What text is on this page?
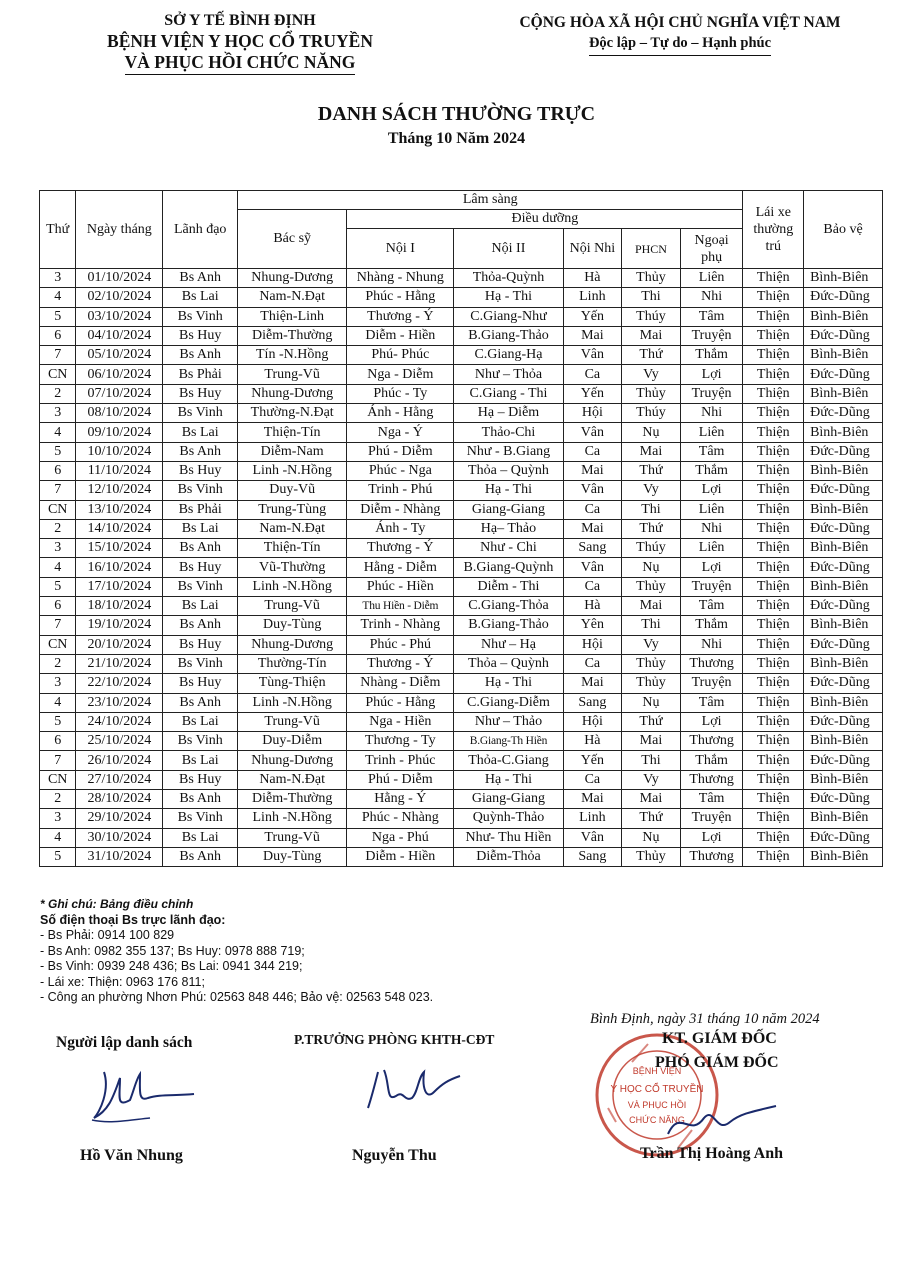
SỞ Y TẾ BÌNH ĐỊNH
BỆNH VIỆN Y HỌC CỔ TRUYỀN
VÀ PHỤC HỒI CHỨC NĂNG
CỘNG HÒA XÃ HỘI CHỦ NGHĨA VIỆT NAM
Độc lập – Tự do – Hạnh phúc
DANH SÁCH THƯỜNG TRỰC
Tháng 10 Năm 2024
Thứ	Ngày tháng	Lãnh đạo	Lâm sàng						Lái xe thường trú	Bảo vệ
			Bác sỹ	Điều dưỡng						
				Nội I	Nội II	Nội Nhi	PHCN	Ngoại phụ		
3	01/10/2024	Bs Anh	Nhung-Dương	Nhàng - Nhung	Thỏa-Quỳnh	Hà	Thủy	Liên	Thiện	Bình-Biên
4	02/10/2024	Bs Lai	Nam-N.Đạt	Phúc - Hằng	Hạ - Thi	Linh	Thi	Nhi	Thiện	Đức-Dũng
5	03/10/2024	Bs Vinh	Thiện-Linh	Thương - Ý	C.Giang-Như	Yến	Thúy	Tâm	Thiện	Bình-Biên
6	04/10/2024	Bs Huy	Diễm-Thường	Diễm - Hiền	B.Giang-Thảo	Mai	Mai	Truyện	Thiện	Đức-Dũng
7	05/10/2024	Bs Anh	Tín -N.Hồng	Phú- Phúc	C.Giang-Hạ	Vân	Thứ	Thắm	Thiện	Bình-Biên
CN	06/10/2024	Bs Phải	Trung-Vũ	Nga - Diễm	Như – Thỏa	Ca	Vy	Lợi	Thiện	Đức-Dũng
2	07/10/2024	Bs Huy	Nhung-Dương	Phúc - Ty	C.Giang - Thi	Yến	Thủy	Truyện	Thiện	Bình-Biên
3	08/10/2024	Bs Vinh	Thường-N.Đạt	Ánh - Hằng	Hạ – Diễm	Hội	Thúy	Nhi	Thiện	Đức-Dũng
4	09/10/2024	Bs Lai	Thiện-Tín	Nga - Ý	Thảo-Chi	Vân	Nụ	Liên	Thiện	Bình-Biên
5	10/10/2024	Bs Anh	Diễm-Nam	Phú - Diễm	Như - B.Giang	Ca	Mai	Tâm	Thiện	Đức-Dũng
6	11/10/2024	Bs Huy	Linh -N.Hồng	Phúc - Nga	Thỏa – Quỳnh	Mai	Thứ	Thắm	Thiện	Bình-Biên
7	12/10/2024	Bs Vinh	Duy-Vũ	Trinh - Phú	Hạ - Thi	Vân	Vy	Lợi	Thiện	Đức-Dũng
CN	13/10/2024	Bs Phải	Trung-Tùng	Diễm - Nhàng	Giang-Giang	Ca	Thi	Liên	Thiện	Bình-Biên
2	14/10/2024	Bs Lai	Nam-N.Đạt	Ánh - Ty	Hạ– Thảo	Mai	Thứ	Nhi	Thiện	Đức-Dũng
3	15/10/2024	Bs Anh	Thiện-Tín	Thương - Ý	Như - Chi	Sang	Thúy	Liên	Thiện	Bình-Biên
4	16/10/2024	Bs Huy	Vũ-Thường	Hằng - Diễm	B.Giang-Quỳnh	Vân	Nụ	Lợi	Thiện	Đức-Dũng
5	17/10/2024	Bs Vinh	Linh -N.Hồng	Phúc - Hiền	Diễm - Thi	Ca	Thủy	Truyện	Thiện	Bình-Biên
6	18/10/2024	Bs Lai	Trung-Vũ	Thu Hiền - Diễm	C.Giang-Thỏa	Hà	Mai	Tâm	Thiện	Đức-Dũng
7	19/10/2024	Bs Anh	Duy-Tùng	Trinh - Nhàng	B.Giang-Thảo	Yên	Thi	Thắm	Thiện	Bình-Biên
CN	20/10/2024	Bs Huy	Nhung-Dương	Phúc - Phú	Như – Hạ	Hội	Vy	Nhi	Thiện	Đức-Dũng
2	21/10/2024	Bs Vinh	Thường-Tín	Thương - Ý	Thỏa – Quỳnh	Ca	Thủy	Thương	Thiện	Bình-Biên
3	22/10/2024	Bs Huy	Tùng-Thiện	Nhàng - Diễm	Hạ - Thi	Mai	Thủy	Truyện	Thiện	Đức-Dũng
4	23/10/2024	Bs Anh	Linh -N.Hồng	Phúc - Hằng	C.Giang-Diễm	Sang	Nụ	Tâm	Thiện	Bình-Biên
5	24/10/2024	Bs Lai	Trung-Vũ	Nga - Hiền	Như – Thảo	Hội	Thứ	Lợi	Thiện	Đức-Dũng
6	25/10/2024	Bs Vinh	Duy-Diễm	Thương - Ty	B.Giang-Th Hiền	Hà	Mai	Thương	Thiện	Bình-Biên
7	26/10/2024	Bs Lai	Nhung-Dương	Trinh - Phúc	Thỏa-C.Giang	Yến	Thi	Thắm	Thiện	Đức-Dũng
CN	27/10/2024	Bs Huy	Nam-N.Đạt	Phú - Diễm	Hạ - Thi	Ca	Vy	Thương	Thiện	Bình-Biên
2	28/10/2024	Bs Anh	Diễm-Thường	Hằng - Ý	Giang-Giang	Mai	Mai	Tâm	Thiện	Đức-Dũng
3	29/10/2024	Bs Vinh	Linh -N.Hồng	Phúc - Nhàng	Quỳnh-Thảo	Linh	Thứ	Truyện	Thiện	Bình-Biên
4	30/10/2024	Bs Lai	Trung-Vũ	Nga - Phú	Như- Thu Hiền	Vân	Nụ	Lợi	Thiện	Đức-Dũng
5	31/10/2024	Bs Anh	Duy-Tùng	Diễm - Hiền	Diễm-Thỏa	Sang	Thủy	Thương	Thiện	Bình-Biên
* Ghi chú: Bảng điều chỉnh
Số điện thoại Bs trực lãnh đạo:
- Bs Phải: 0914 100 829
- Bs Anh: 0982 355 137; Bs Huy: 0978 888 719;
- Bs Vinh: 0939 248 436; Bs Lai: 0941 344 219;
- Lái xe: Thiện: 0963 176 811;
- Công an phường Nhơn Phú: 02563 848 446; Bảo vệ: 02563 548 023.
Bình Định, ngày 31 tháng 10 năm 2024
Người lập danh sách	P.TRƯỞNG PHÒNG KHTH-CĐT
BỆNH VIỆN
Y HỌC CỔ TRUYỀN
VÀ PHỤC HỒI
CHỨC NĂNG
KT. GIÁM ĐỐC
PHÓ GIÁM ĐỐC
Hồ Văn Nhung	Nguyễn Thu	Trần Thị Hoàng Anh
